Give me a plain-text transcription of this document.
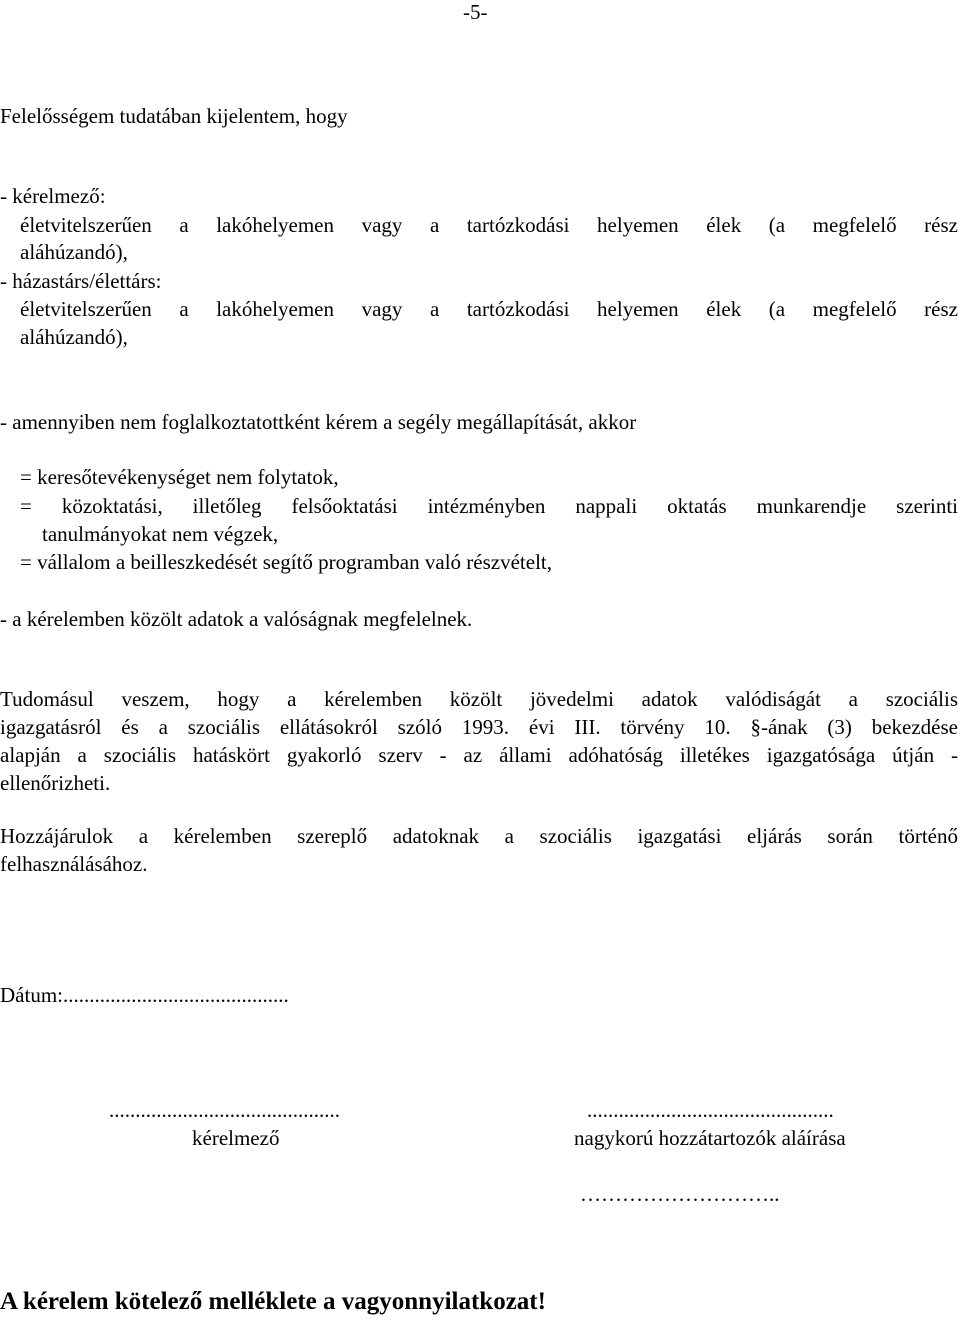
-5-
Felelősségem tudatában kijelentem, hogy
- kérelmező:
életvitelszerűen a lakóhelyemen vagy a tartózkodási helyemen élek (a megfelelő rész
aláhúzandó),
- házastárs/élettárs:
életvitelszerűen a lakóhelyemen vagy a tartózkodási helyemen élek (a megfelelő rész
aláhúzandó),
- amennyiben nem foglalkoztatottként kérem a segély megállapítását, akkor
= keresőtevékenységet nem folytatok,
= közoktatási, illetőleg felsőoktatási intézményben nappali oktatás munkarendje szerinti
tanulmányokat nem végzek,
= vállalom a beilleszkedését segítő programban való részvételt,
- a kérelemben közölt adatok a valóságnak megfelelnek.
Tudomásul veszem, hogy a kérelemben közölt jövedelmi adatok valódiságát a szociális
igazgatásról és a szociális ellátásokról szóló 1993. évi III. törvény 10. §-ának (3) bekezdése
alapján a szociális hatáskört gyakorló szerv - az állami adóhatóság illetékes igazgatósága útján -
ellenőrizheti.
Hozzájárulok a kérelemben szereplő adatoknak a szociális igazgatási eljárás során történő
felhasználásához.
Dátum:...........................................
............................................
kérelmező
...............................................
nagykorú hozzátartozók aláírása
………………………..
A kérelem kötelező melléklete a vagyonnyilatkozat!
